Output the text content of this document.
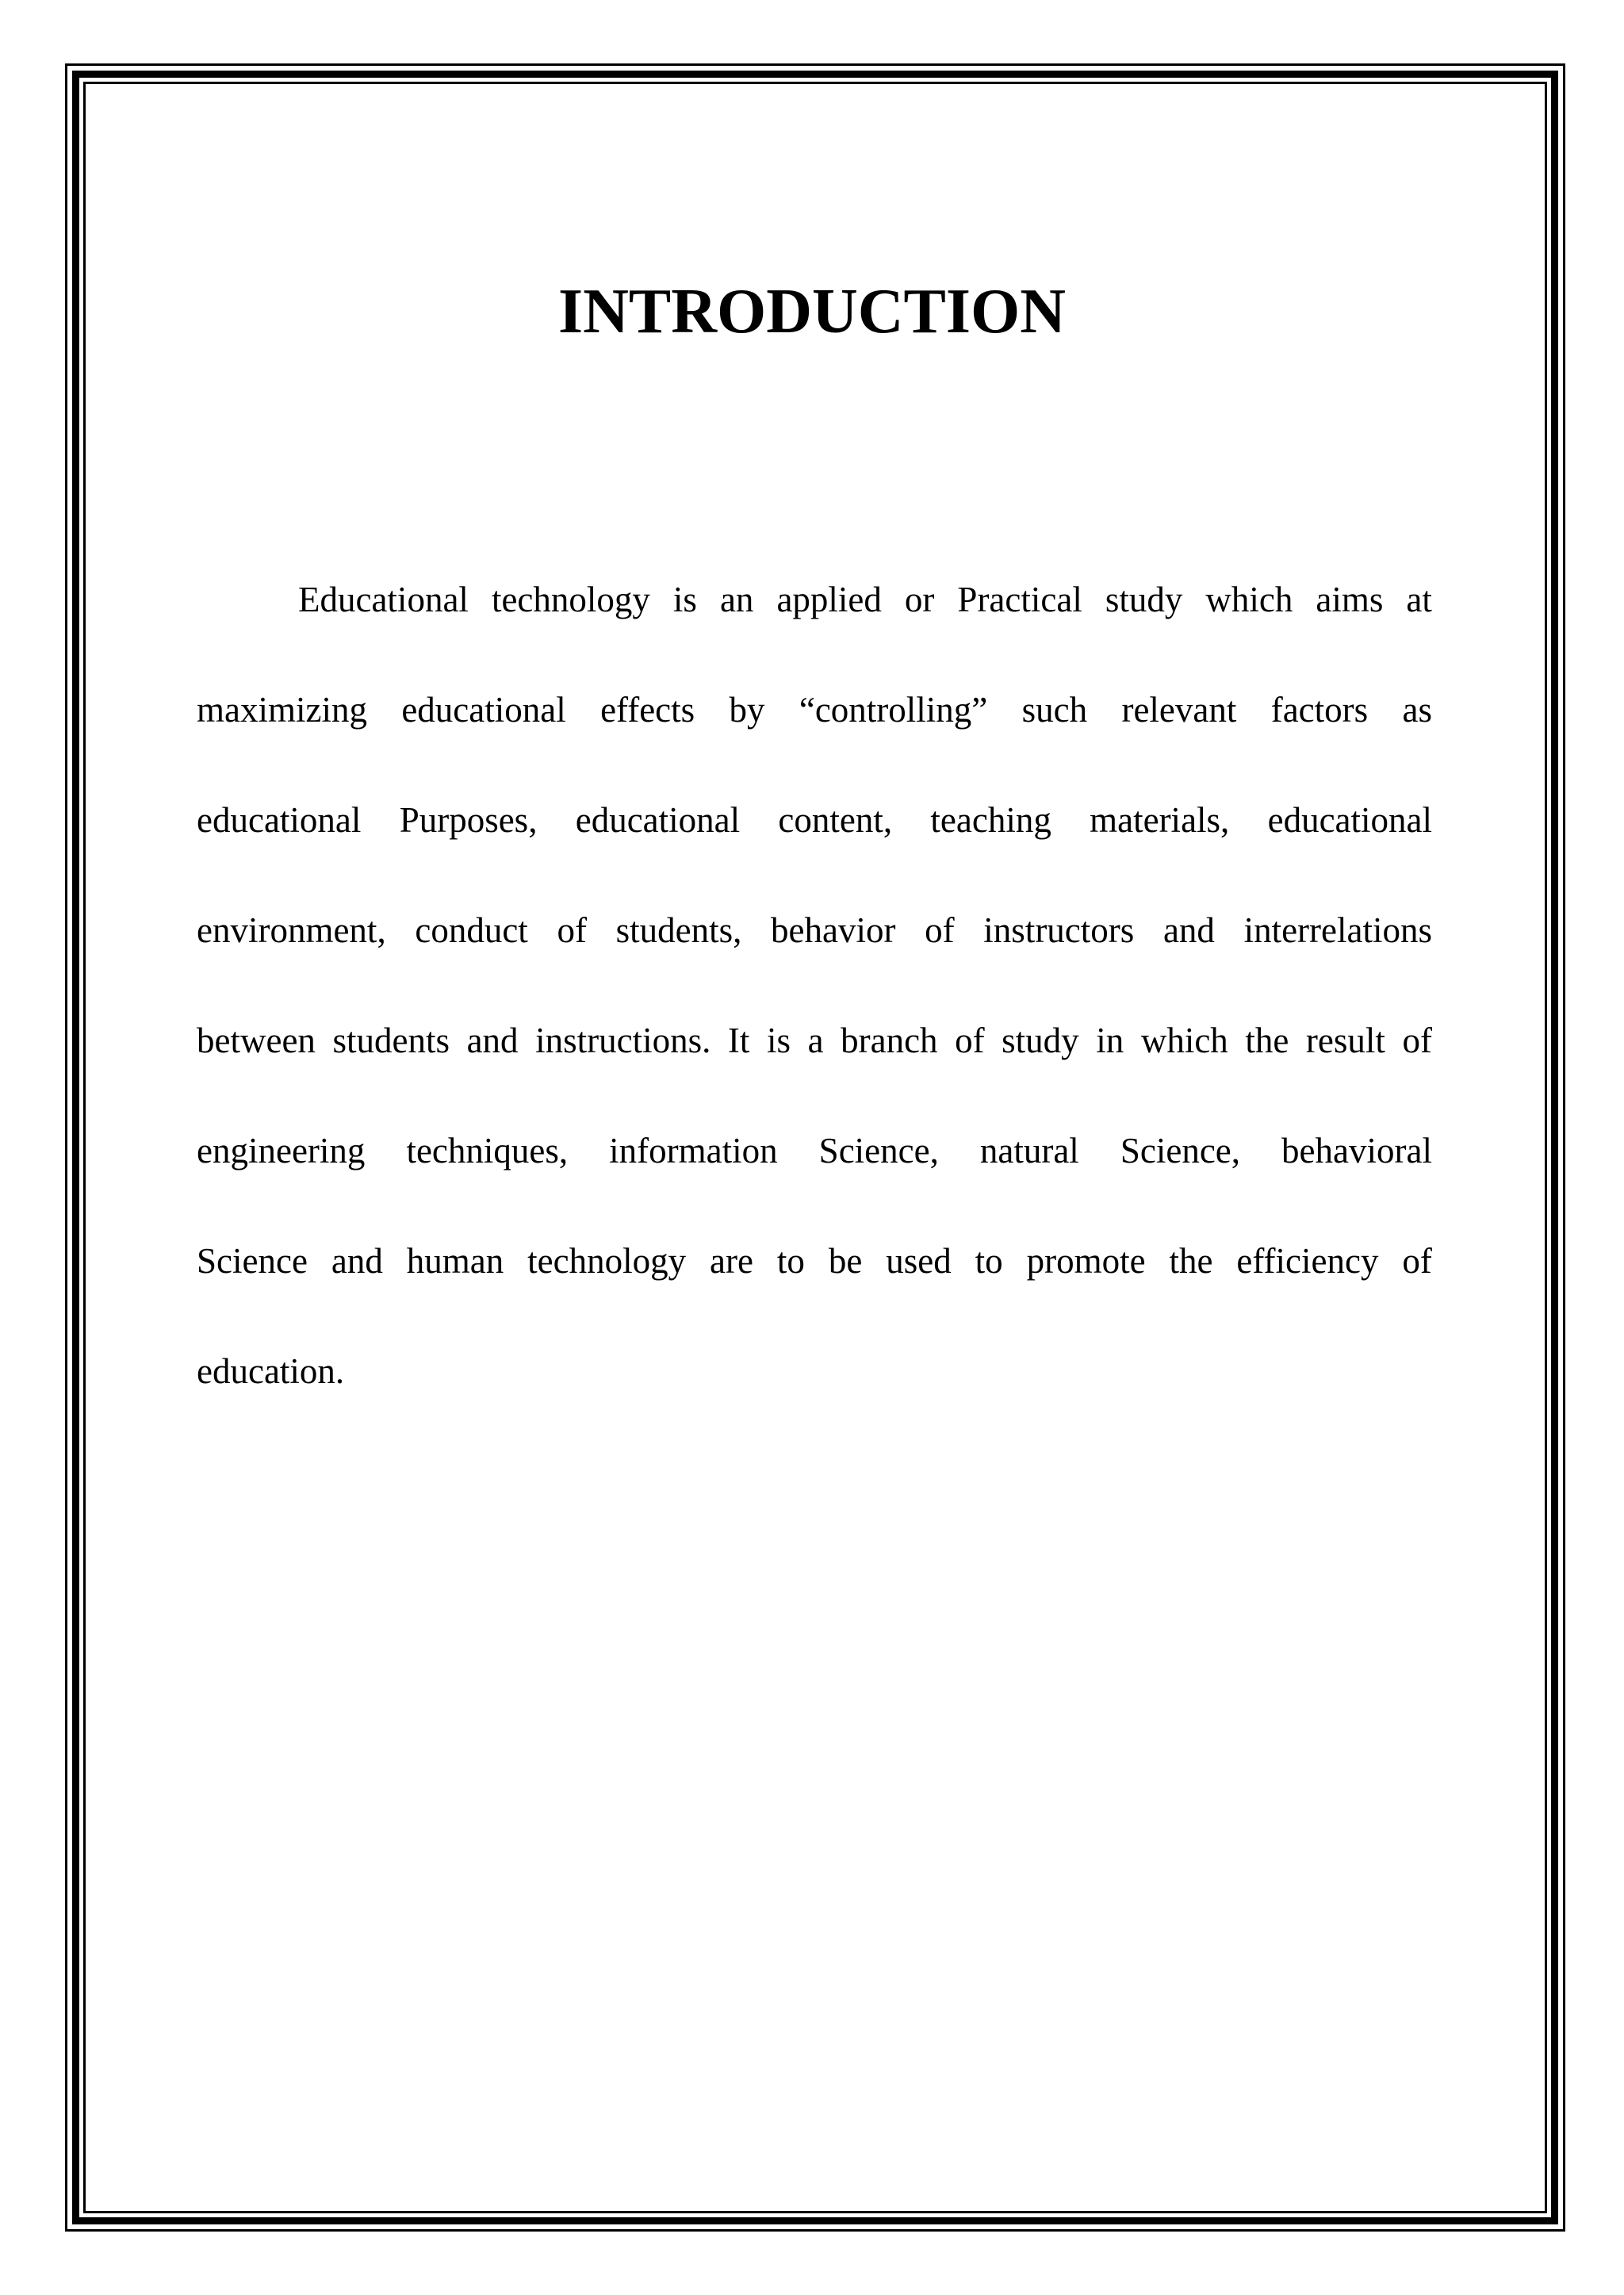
INTRODUCTION
Educational technology is an applied or Practical study which aims at
maximizing educational effects by “controlling” such relevant factors as
educational Purposes, educational content, teaching materials, educational
environment, conduct of students, behavior of instructors and interrelations
between students and instructions. It is a branch of study in which the result of
engineering techniques, information Science, natural Science, behavioral
Science and human technology are to be used to promote the efficiency of
education.
